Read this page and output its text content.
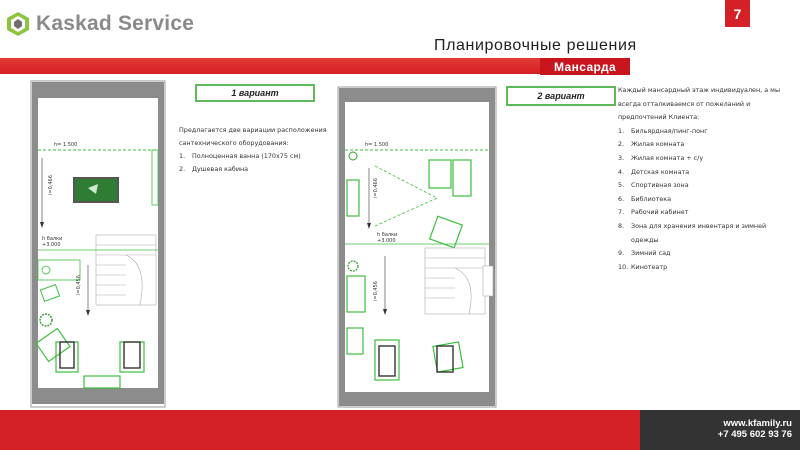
Kaskad Service	7
Планировочные решения
Мансарда
h= 1.500
i=0,466
h балки
+3.000
i=0,456
1 вариант
Предлагается две вариации расположения сантехнического оборудования:
1.	Полноценная ванна (170х75 см)
2.	Душевая кабина
h= 1.500
i=0,466
h балки
+3.000
i=0,456
2 вариант
Каждый мансардный этаж индивидуален, а мы всегда отталкиваемся от пожеланий и предпочтений Клиента:
1.	Бильярдная/пинг-понг
2.	Жилая комната
3.	Жилая комната + с/у
4.	Детская комната
5.	Спортивная зона
6.	Библиотека
7.	Рабочий кабинет
8.	Зона для хранения инвентаря и зимней одежды
9.	Зимний сад
10. Кинотеатр
www.kfamily.ru
+7 495 602 93 76
